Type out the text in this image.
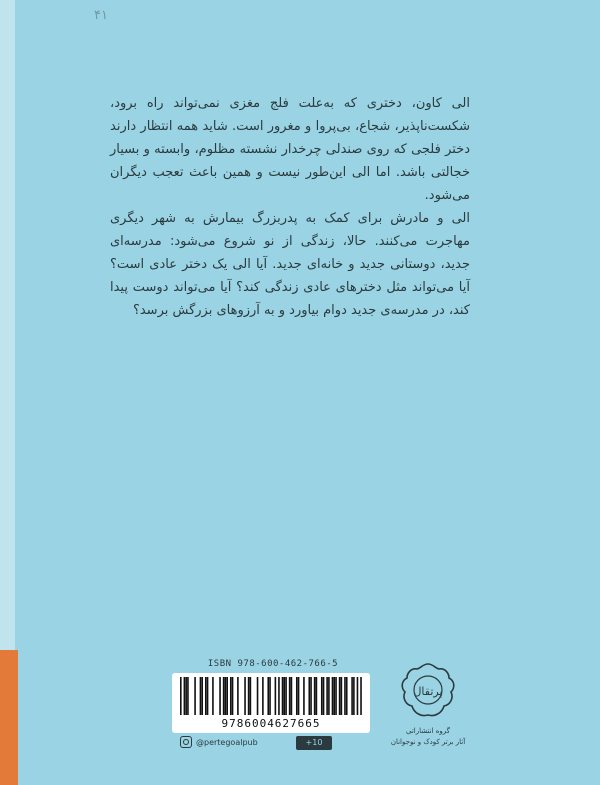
۴۱

الی کاون، دختری که به‌علت فلج مغزی نمی‌تواند راه برود، شکست‌ناپذیر، شجاع، بی‌پروا و مغرور است. شاید همه انتظار دارند دختر فلجی که روی صندلی چرخدار نشسته مظلوم، وابسته و بسیار خجالتی باشد. اما الی این‌طور نیست و همین باعث تعجب دیگران می‌شود.

الی و مادرش برای کمک به پدربزرگ بیمارش به شهر دیگری مهاجرت می‌کنند. حالا، زندگی از نو شروع می‌شود: مدرسه‌ای جدید، دوستانی جدید و خانه‌ای جدید. آیا الی یک دختر عادی است؟ آیا می‌تواند مثل دخترهای عادی زندگی کند؟ آیا می‌تواند دوست پیدا کند، در مدرسه‌ی جدید دوام بیاورد و به آرزوهای بزرگش برسد؟

ISBN 978-600-462-766-5
9786004627665
@pertegoalpub	+10
پرتقال
گروه انتشاراتی
آثار برتر کودک و نوجوانان
